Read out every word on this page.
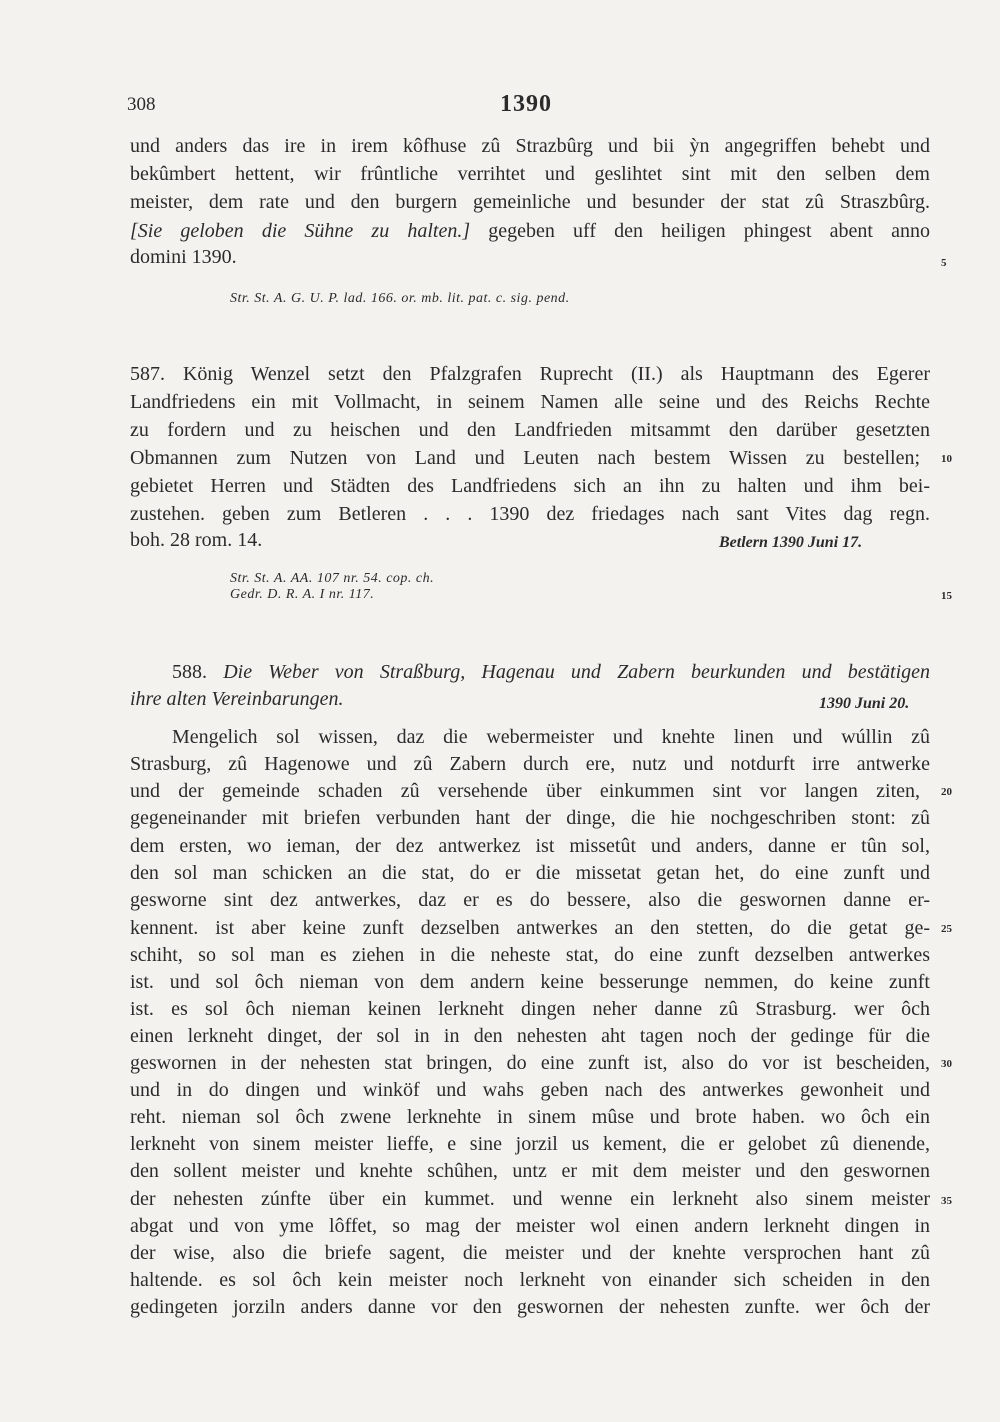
308	1390
und anders das ire in irem kôfhuse zû Strazbûrg und bii ỳn angegriffen behebt und
bekûmbert hettent, wir frûntliche verrihtet und geslihtet sint mit den selben dem
meister, dem rate und den burgern gemeinliche und besunder der stat zû Straszbûrg.
[Sie geloben die Sühne zu halten.] gegeben uff den heiligen phingest abent anno
domini 1390.
Str. St. A. G. U. P. lad. 166. or. mb. lit. pat. c. sig. pend.
587. König Wenzel setzt den Pfalzgrafen Ruprecht (II.) als Hauptmann des Egerer
Landfriedens ein mit Vollmacht, in seinem Namen alle seine und des Reichs Rechte
zu fordern und zu heischen und den Landfrieden mitsammt den darüber gesetzten
Obmannen zum Nutzen von Land und Leuten nach bestem Wissen zu bestellen;
gebietet Herren und Städten des Landfriedens sich an ihn zu halten und ihm bei-
zustehen. geben zum Betleren . . . 1390 dez friedages nach sant Vites dag regn.
boh. 28 rom. 14.	Betlern 1390 Juni 17.
Str. St. A. AA. 107 nr. 54. cop. ch.
Gedr. D. R. A. I nr. 117.
588. Die Weber von Straßburg, Hagenau und Zabern beurkunden und bestätigen
ihre alten Vereinbarungen.	1390 Juni 20.
Mengelich sol wissen, daz die webermeister und knehte linen und wúllin zû
Strasburg, zû Hagenowe und zû Zabern durch ere, nutz und notdurft irre antwerke
und der gemeinde schaden zû versehende über einkummen sint vor langen ziten,
gegeneinander mit briefen verbunden hant der dinge, die hie nochgeschriben stont: zû
dem ersten, wo ieman, der dez antwerkez ist missetût und anders, danne er tûn sol,
den sol man schicken an die stat, do er die missetat getan het, do eine zunft und
gesworne sint dez antwerkes, daz er es do bessere, also die geswornen danne er-
kennent. ist aber keine zunft dezselben antwerkes an den stetten, do die getat ge-
schiht, so sol man es ziehen in die neheste stat, do eine zunft dezselben antwerkes
ist. und sol ôch nieman von dem andern keine besserunge nemmen, do keine zunft
ist. es sol ôch nieman keinen lerkneht dingen neher danne zû Strasburg. wer ôch
einen lerkneht dinget, der sol in in den nehesten aht tagen noch der gedinge für die
geswornen in der nehesten stat bringen, do eine zunft ist, also do vor ist bescheiden,
und in do dingen und winköf und wahs geben nach des antwerkes gewonheit und
reht. nieman sol ôch zwene lerknehte in sinem mûse und brote haben. wo ôch ein
lerkneht von sinem meister lieffe, e sine jorzil us kement, die er gelobet zû dienende,
den sollent meister und knehte schûhen, untz er mit dem meister und den geswornen
der nehesten zúnfte über ein kummet. und wenne ein lerkneht also sinem meister
abgat und von yme lôffet, so mag der meister wol einen andern lerkneht dingen in
der wise, also die briefe sagent, die meister und der knehte versprochen hant zû
haltende. es sol ôch kein meister noch lerkneht von einander sich scheiden in den
gedingeten jorziln anders danne vor den geswornen der nehesten zunfte. wer ôch der
5
10
15
20
25
30
35
